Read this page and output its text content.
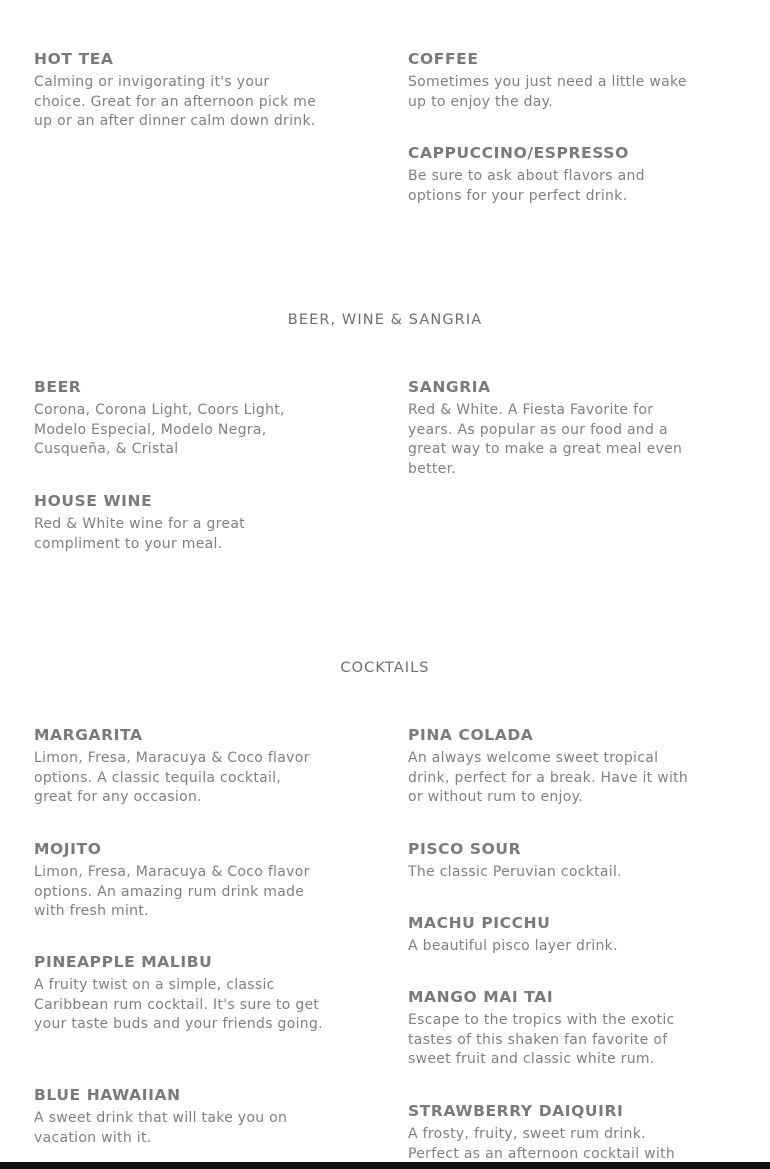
HOT TEA

Calming or invigorating it's your choice. Great for an afternoon pick me up or an after dinner calm down drink.

COFFEE

Sometimes you just need a little wake up to enjoy the day.

CAPPUCCINO/ESPRESSO

Be sure to ask about flavors and options for your perfect drink.

BEER, WINE & SANGRIA
BEER

Corona, Corona Light, Coors Light, Modelo Especial, Modelo Negra, Cusqueña, & Cristal

SANGRIA

Red & White. A Fiesta Favorite for years. As popular as our food and a great way to make a great meal even better.

HOUSE WINE

Red & White wine for a great compliment to your meal.

COCKTAILS
MARGARITA

Limon, Fresa, Maracuya & Coco flavor options. A classic tequila cocktail, great for any occasion.

PINA COLADA

An always welcome sweet tropical drink, perfect for a break. Have it with or without rum to enjoy.

MOJITO

Limon, Fresa, Maracuya & Coco flavor options. An amazing rum drink made with fresh mint.

PISCO SOUR

The classic Peruvian cocktail.

MACHU PICCHU

A beautiful pisco layer drink.

PINEAPPLE MALIBU

A fruity twist on a simple, classic Caribbean rum cocktail. It's sure to get your taste buds and your friends going.

MANGO MAI TAI

Escape to the tropics with the exotic tastes of this shaken fan favorite of sweet fruit and classic white rum.

BLUE HAWAIIAN

A sweet drink that will take you on vacation with it.

STRAWBERRY DAIQUIRI

A frosty, fruity, sweet rum drink. Perfect as an afternoon cocktail with
